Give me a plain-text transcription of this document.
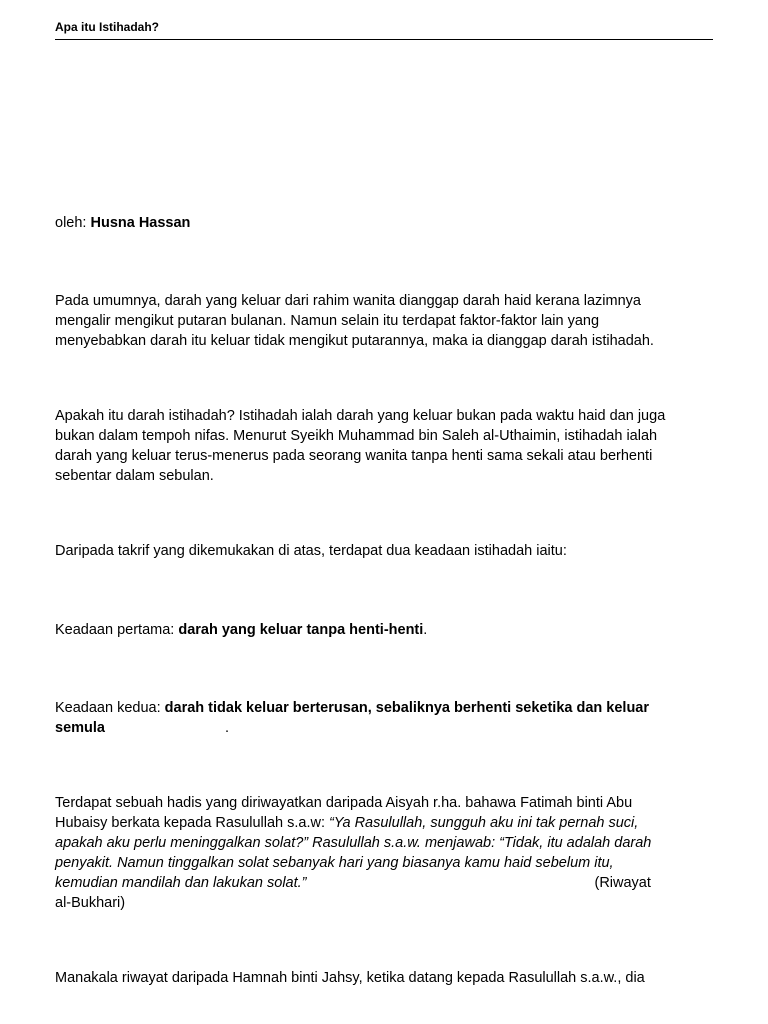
Apa itu Istihadah?

oleh: Husna Hassan

Pada umumnya, darah yang keluar dari rahim wanita dianggap darah haid kerana lazimnya
mengalir mengikut putaran bulanan. Namun selain itu terdapat faktor-faktor lain yang
menyebabkan darah itu keluar tidak mengikut putarannya, maka ia dianggap darah istihadah.

Apakah itu darah istihadah? Istihadah ialah darah yang keluar bukan pada waktu haid dan juga
bukan dalam tempoh nifas. Menurut Syeikh Muhammad bin Saleh al-Uthaimin, istihadah ialah
darah yang keluar terus-menerus pada seorang wanita tanpa henti sama sekali atau berhenti
sebentar dalam sebulan.

Daripada takrif yang dikemukakan di atas, terdapat dua keadaan istihadah iaitu:

Keadaan pertama: darah yang keluar tanpa henti-henti.

Keadaan kedua: darah tidak keluar berterusan, sebaliknya berhenti seketika dan keluar
semula	.

Terdapat sebuah hadis yang diriwayatkan daripada Aisyah r.ha. bahawa Fatimah binti Abu
Hubaisy berkata kepada Rasulullah s.a.w: “Ya Rasulullah, sungguh aku ini tak pernah suci,
apakah aku perlu meninggalkan solat?” Rasulullah s.a.w. menjawab: “Tidak, itu adalah darah
penyakit. Namun tinggalkan solat sebanyak hari yang biasanya kamu haid sebelum itu,
kemudian mandilah dan lakukan solat.”	(Riwayat
al-Bukhari)

Manakala riwayat daripada Hamnah binti Jahsy, ketika datang kepada Rasulullah s.a.w., dia
